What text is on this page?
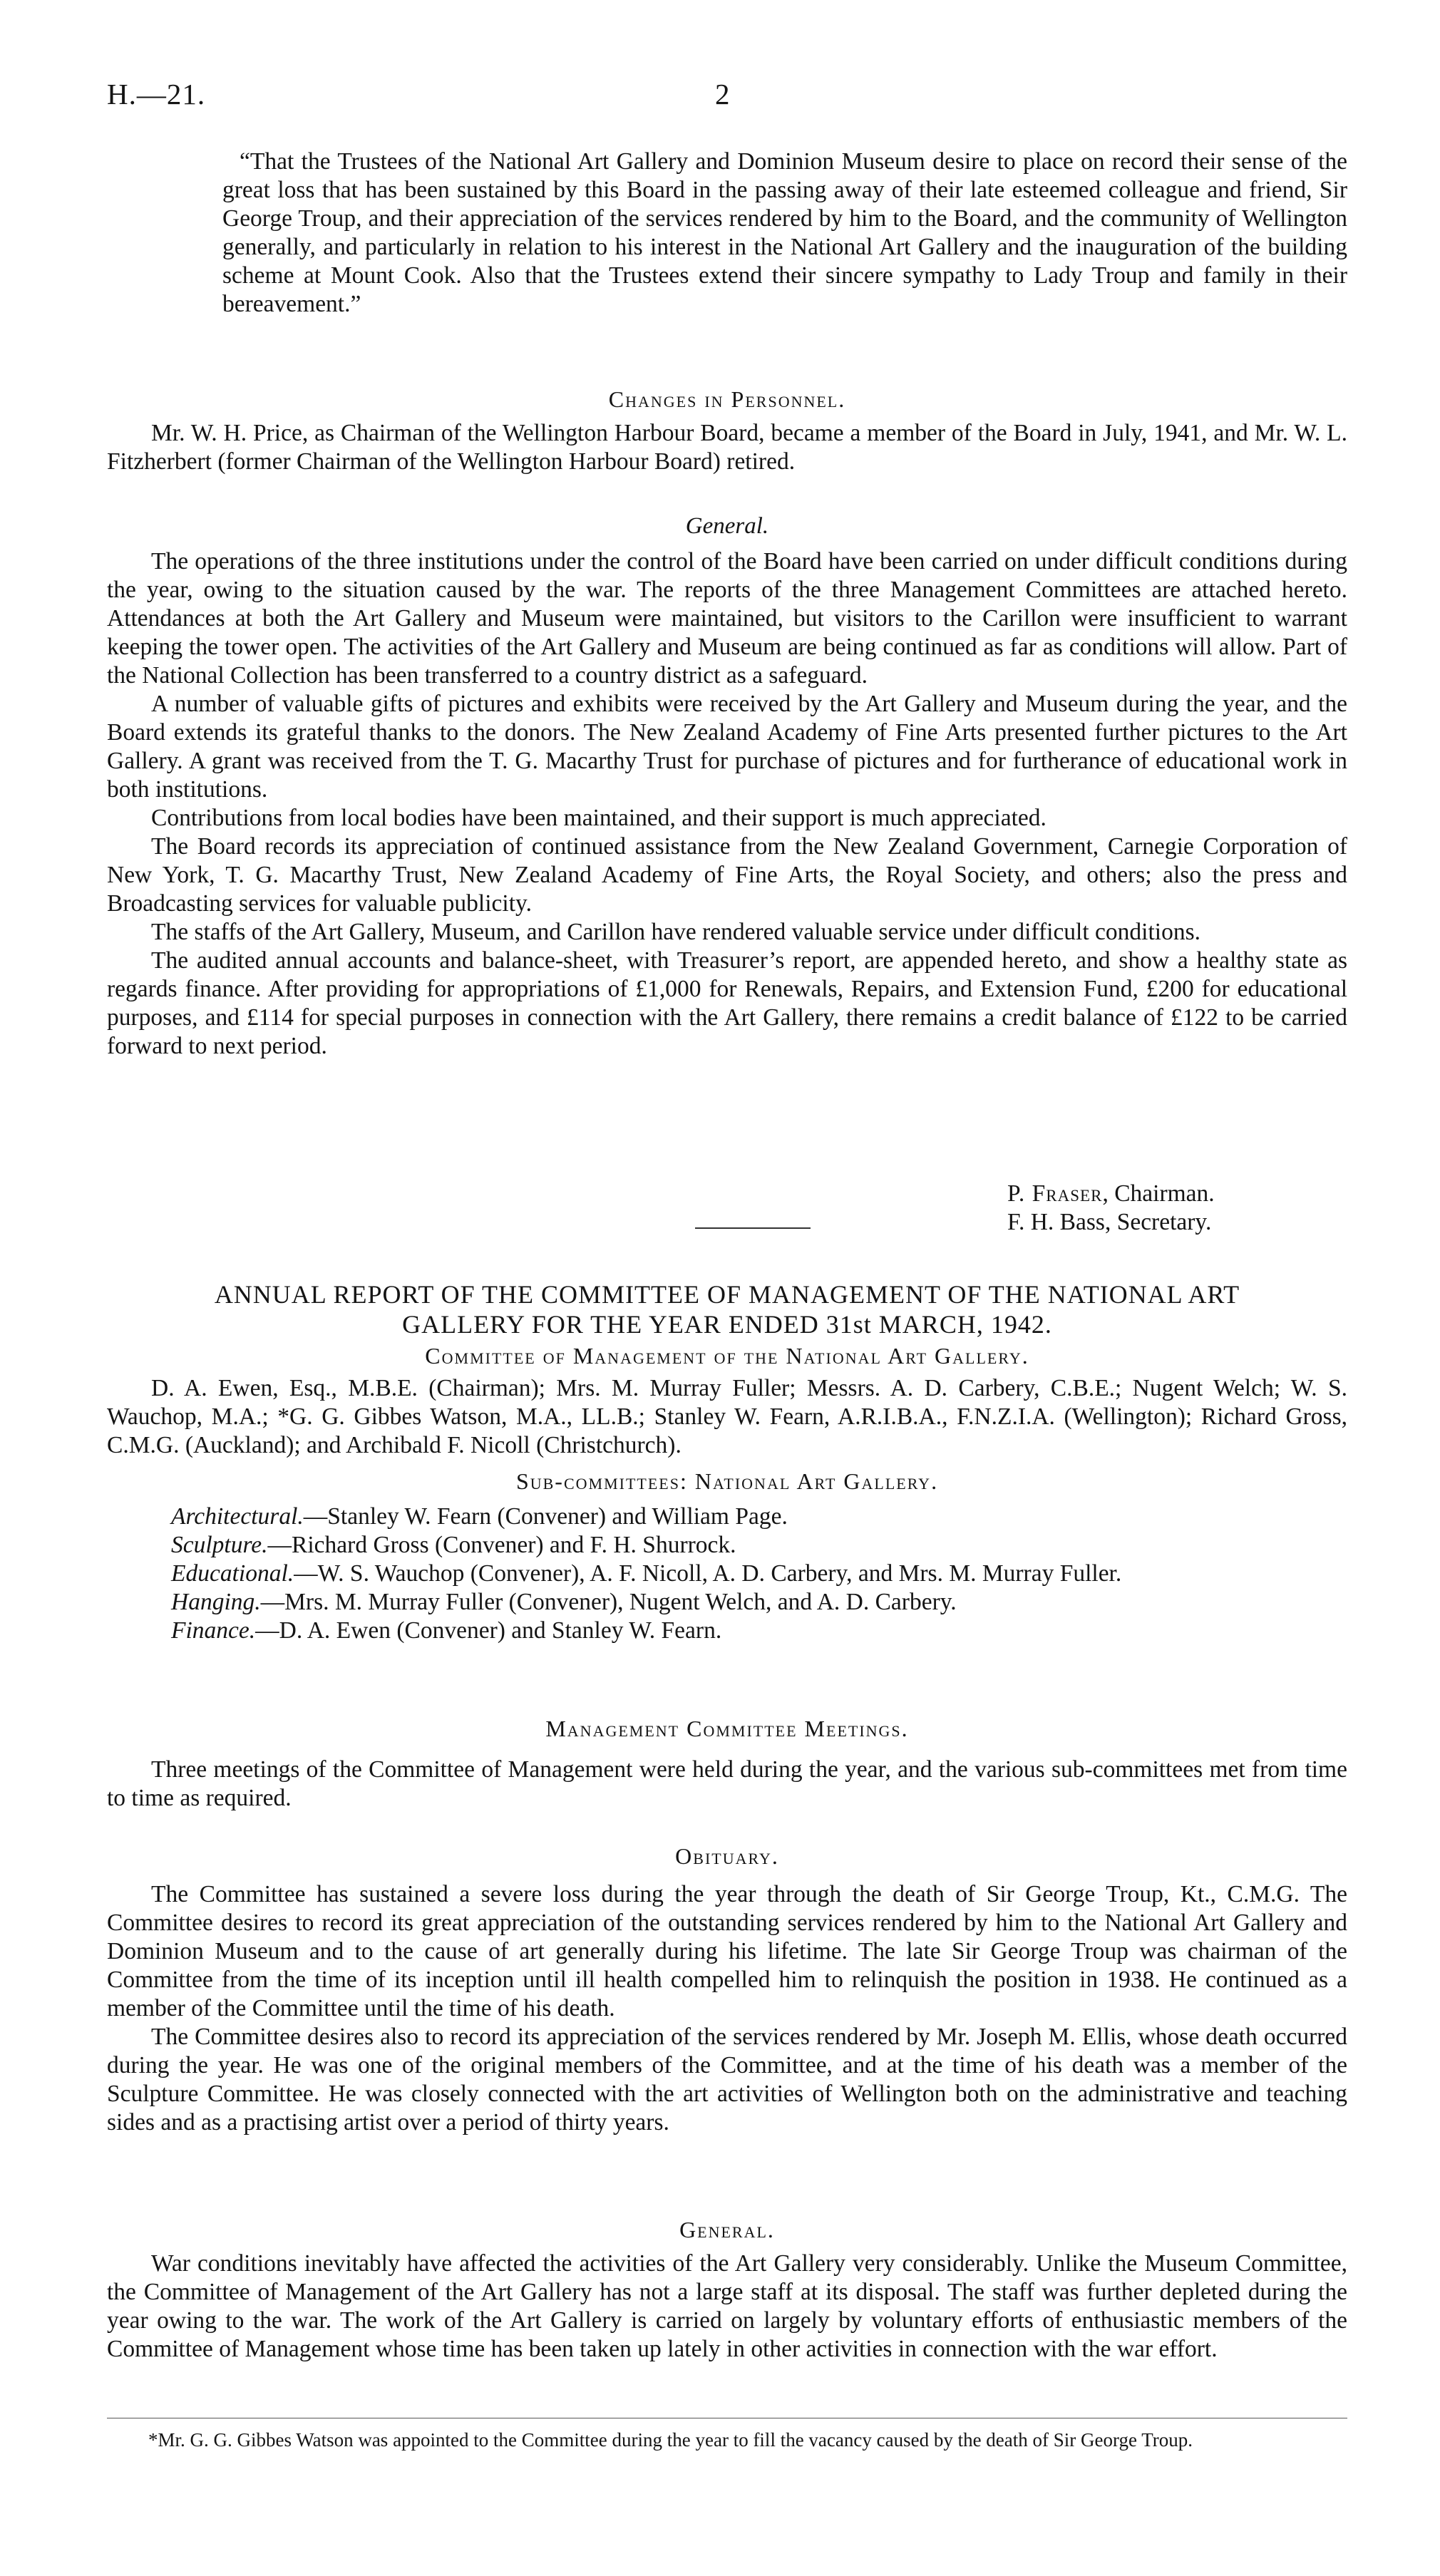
H.—21.	2

“That the Trustees of the National Art Gallery and Dominion Museum desire to place on record their sense of the great loss that has been sustained by this Board in the passing away of their late esteemed colleague and friend, Sir George Troup, and their appreciation of the services rendered by him to the Board, and the community of Wellington generally, and particularly in relation to his interest in the National Art Gallery and the inauguration of the building scheme at Mount Cook. Also that the Trustees extend their sincere sympathy to Lady Troup and family in their bereavement.”

Changes in Personnel.

Mr. W. H. Price, as Chairman of the Wellington Harbour Board, became a member of the Board in July, 1941, and Mr. W. L. Fitzherbert (former Chairman of the Wellington Harbour Board) retired.

General.

The operations of the three institutions under the control of the Board have been carried on under difficult conditions during the year, owing to the situation caused by the war. The reports of the three Management Committees are attached hereto. Attendances at both the Art Gallery and Museum were maintained, but visitors to the Carillon were insufficient to warrant keeping the tower open. The activities of the Art Gallery and Museum are being continued as far as conditions will allow. Part of the National Collection has been transferred to a country district as a safeguard.

A number of valuable gifts of pictures and exhibits were received by the Art Gallery and Museum during the year, and the Board extends its grateful thanks to the donors. The New Zealand Academy of Fine Arts presented further pictures to the Art Gallery. A grant was received from the T. G. Macarthy Trust for purchase of pictures and for furtherance of educational work in both institutions.

Contributions from local bodies have been maintained, and their support is much appreciated.

The Board records its appreciation of continued assistance from the New Zealand Government, Carnegie Corporation of New York, T. G. Macarthy Trust, New Zealand Academy of Fine Arts, the Royal Society, and others; also the press and Broadcasting services for valuable publicity.

The staffs of the Art Gallery, Museum, and Carillon have rendered valuable service under difficult conditions.

The audited annual accounts and balance-sheet, with Treasurer’s report, are appended hereto, and show a healthy state as regards finance. After providing for appropriations of £1,000 for Renewals, Repairs, and Extension Fund, £200 for educational purposes, and £114 for special purposes in connection with the Art Gallery, there remains a credit balance of £122 to be carried forward to next period.

P. Fraser, Chairman.
F. H. Bass, Secretary.
ANNUAL REPORT OF THE COMMITTEE OF MANAGEMENT OF THE NATIONAL ART
GALLERY FOR THE YEAR ENDED 31st MARCH, 1942.

Committee of Management of the National Art Gallery.

D. A. Ewen, Esq., M.B.E. (Chairman); Mrs. M. Murray Fuller; Messrs. A. D. Carbery, C.B.E.; Nugent Welch; W. S. Wauchop, M.A.; *G. G. Gibbes Watson, M.A., LL.B.; Stanley W. Fearn, A.R.I.B.A., F.N.Z.I.A. (Wellington); Richard Gross, C.M.G. (Auckland); and Archibald F. Nicoll (Christchurch).

Sub-committees: National Art Gallery.

Architectural.—Stanley W. Fearn (Convener) and William Page.

Sculpture.—Richard Gross (Convener) and F. H. Shurrock.

Educational.—W. S. Wauchop (Convener), A. F. Nicoll, A. D. Carbery, and Mrs. M. Murray Fuller.

Hanging.—Mrs. M. Murray Fuller (Convener), Nugent Welch, and A. D. Carbery.

Finance.—D. A. Ewen (Convener) and Stanley W. Fearn.

Management Committee Meetings.

Three meetings of the Committee of Management were held during the year, and the various sub-committees met from time to time as required.

Obituary.

The Committee has sustained a severe loss during the year through the death of Sir George Troup, Kt., C.M.G. The Committee desires to record its great appreciation of the outstanding services rendered by him to the National Art Gallery and Dominion Museum and to the cause of art generally during his lifetime. The late Sir George Troup was chairman of the Committee from the time of its inception until ill health compelled him to relinquish the position in 1938. He continued as a member of the Committee until the time of his death.

The Committee desires also to record its appreciation of the services rendered by Mr. Joseph M. Ellis, whose death occurred during the year. He was one of the original members of the Committee, and at the time of his death was a member of the Sculpture Committee. He was closely connected with the art activities of Wellington both on the administrative and teaching sides and as a practising artist over a period of thirty years.

General.

War conditions inevitably have affected the activities of the Art Gallery very considerably. Unlike the Museum Committee, the Committee of Management of the Art Gallery has not a large staff at its disposal. The staff was further depleted during the year owing to the war. The work of the Art Gallery is carried on largely by voluntary efforts of enthusiastic members of the Committee of Management whose time has been taken up lately in other activities in connection with the war effort.

*Mr. G. G. Gibbes Watson was appointed to the Committee during the year to fill the vacancy caused by the death of Sir George Troup.
